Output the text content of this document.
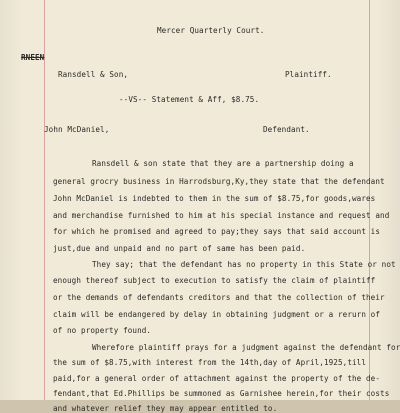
Mercer Quarterly Court.
RNEEN
Ransdell & Son,	Plaintiff.
--VS-- Statement & Aff, $8.75.
John McDaniel,	Defendant.
Ransdell & son state that they are a partnership doing a
general grocry business in Harrodsburg,Ky,they state that the defendant
John McDaniel is indebted to them in the sum of $8.75,for goods,wares
and merchandise furnished to him at his special instance and request and
for which he promised and agreed to pay;they says that said account is
just,due and unpaid and no part of same has been paid.
They say; that the defendant has no property in this State or not
enough thereof subject to execution to satisfy the claim of plaintiff
or the demands of defendants creditors and that the collection of their
claim will be endangered by delay in obtaining judgment or a rerurn of
of no property found.
Wherefore plaintiff prays for a judgment against the defendant for
the sum of $8.75,with interest from the 14th,day of April,1925,till
paid,for a general order of attachment against the property of the de-
fendant,that Ed.Phillips be summoned as Garnishee herein,for their costs
and whatever relief they may appear entitled to.
